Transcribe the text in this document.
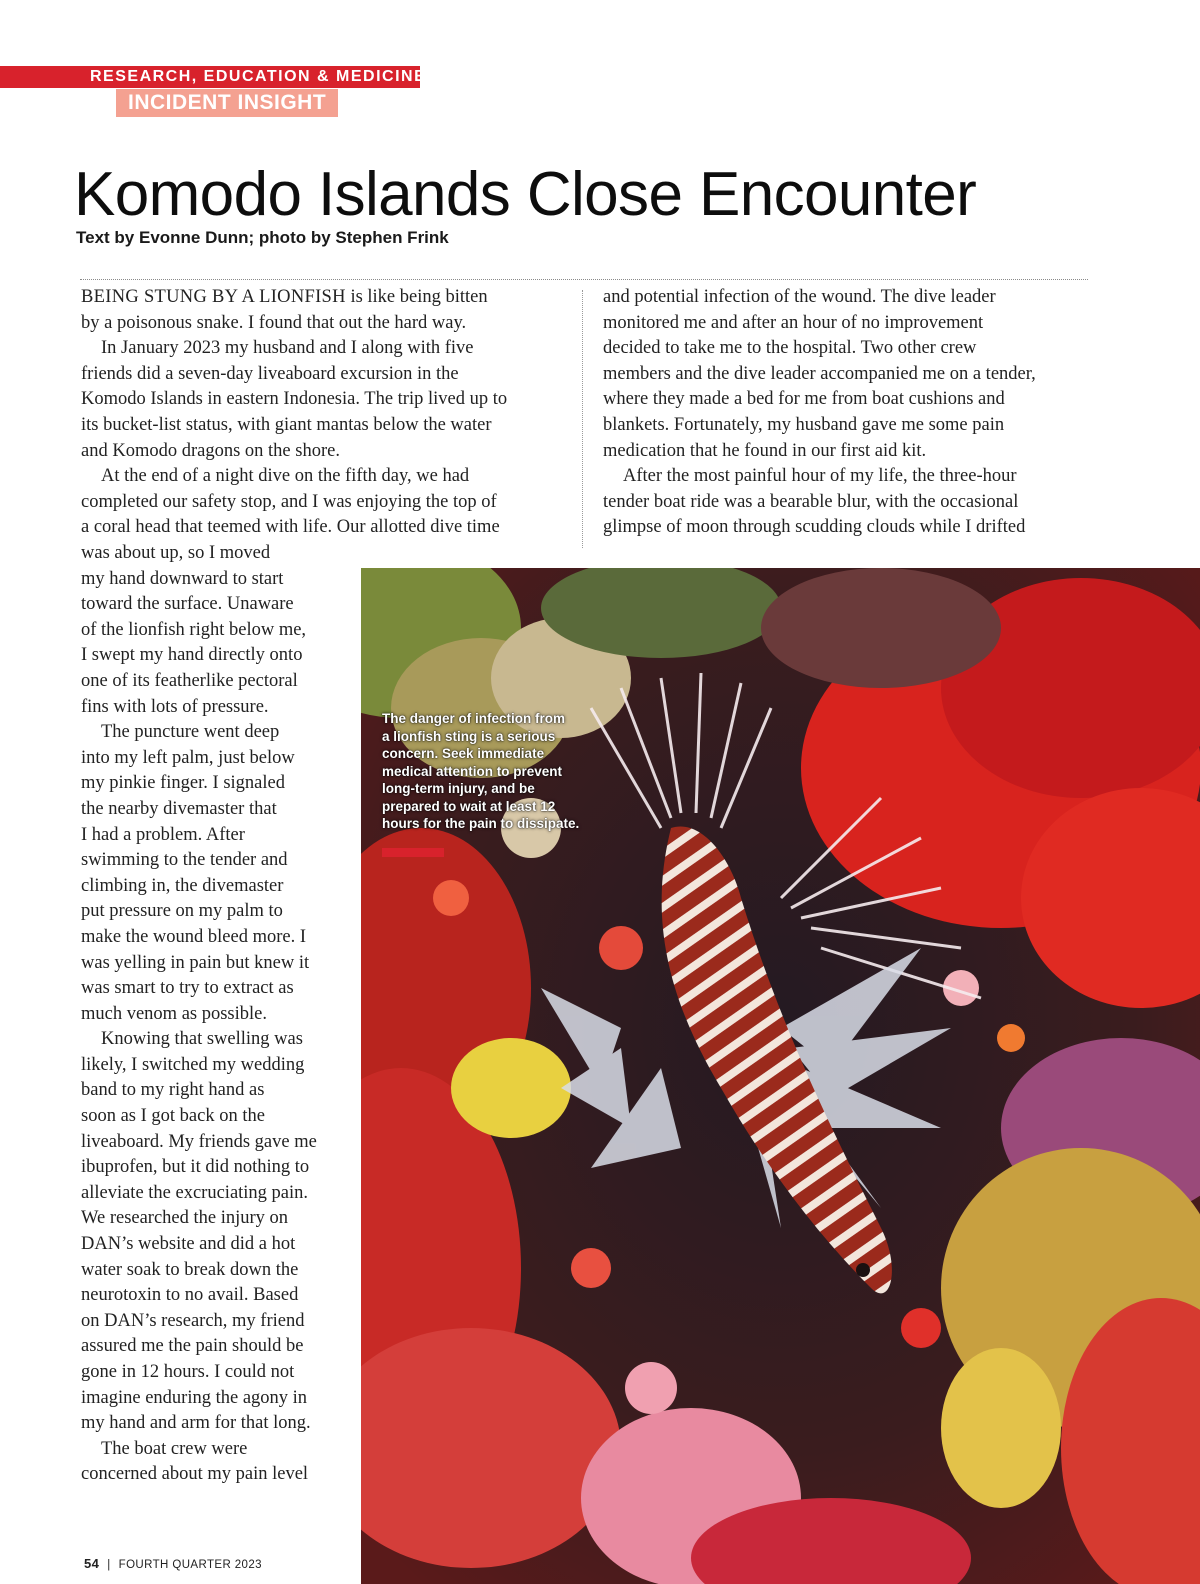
RESEARCH, EDUCATION & MEDICINE
INCIDENT INSIGHT
Komodo Islands Close Encounter
Text by Evonne Dunn; photo by Stephen Frink

BEING STUNG BY A LIONFISH is like being bitten

by a poisonous snake. I found that out the hard way.

In January 2023 my husband and I along with five

friends did a seven-day liveaboard excursion in the

Komodo Islands in eastern Indonesia. The trip lived up to

its bucket-list status, with giant mantas below the water

and Komodo dragons on the shore.

At the end of a night dive on the fifth day, we had

completed our safety stop, and I was enjoying the top of

a coral head that teemed with life. Our allotted dive time

was about up, so I moved

my hand downward to start

toward the surface. Unaware

of the lionfish right below me,

I swept my hand directly onto

one of its featherlike pectoral

fins with lots of pressure.

The puncture went deep

into my left palm, just below

my pinkie finger. I signaled

the nearby divemaster that

I had a problem. After

swimming to the tender and

climbing in, the divemaster

put pressure on my palm to

make the wound bleed more. I

was yelling in pain but knew it

was smart to try to extract as

much venom as possible.

Knowing that swelling was

likely, I switched my wedding

band to my right hand as

soon as I got back on the

liveaboard. My friends gave me

ibuprofen, but it did nothing to

alleviate the excruciating pain.

We researched the injury on

DAN’s website and did a hot

water soak to break down the

neurotoxin to no avail. Based

on DAN’s research, my friend

assured me the pain should be

gone in 12 hours. I could not

imagine enduring the agony in

my hand and arm for that long.

The boat crew were

concerned about my pain level

and potential infection of the wound. The dive leader

monitored me and after an hour of no improvement

decided to take me to the hospital. Two other crew

members and the dive leader accompanied me on a tender,

where they made a bed for me from boat cushions and

blankets. Fortunately, my husband gave me some pain

medication that he found in our first aid kit.

After the most painful hour of my life, the three-hour

tender boat ride was a bearable blur, with the occasional

glimpse of moon through scudding clouds while I drifted

The danger of infection from
a lionfish sting is a serious
concern. Seek immediate
medical attention to prevent
long-term injury, and be
prepared to wait at least 12
hours for the pain to dissipate.
54 | FOURTH QUARTER 2023
